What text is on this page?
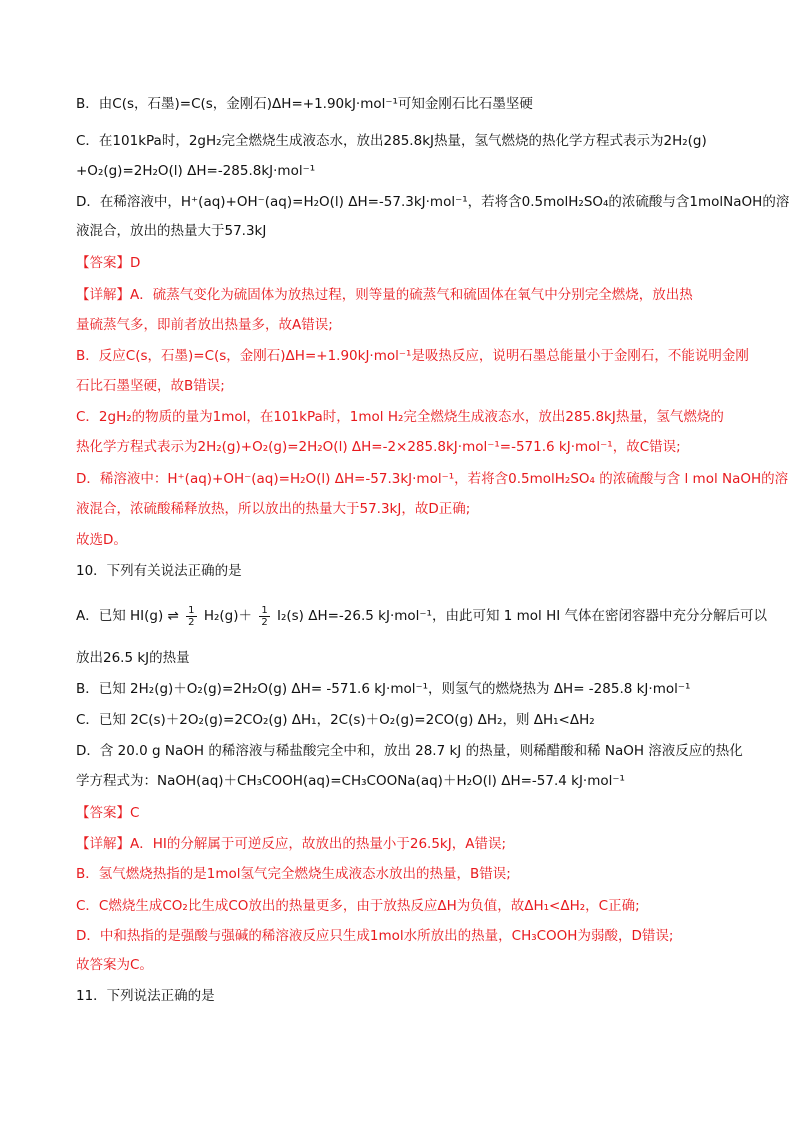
B．由C(s，石墨)=C(s，金刚石)ΔH=+1.90kJ·mol⁻¹可知金刚石比石墨坚硬
C．在101kPa时，2gH₂完全燃烧生成液态水，放出285.8kJ热量，氢气燃烧的热化学方程式表示为2H₂(g)
+O₂(g)=2H₂O(l) ΔH=-285.8kJ·mol⁻¹
D．在稀溶液中，H⁺(aq)+OH⁻(aq)=H₂O(l) ΔH=-57.3kJ·mol⁻¹，若将含0.5molH₂SO₄的浓硫酸与含1molNaOH的溶
液混合，放出的热量大于57.3kJ
【答案】D
【详解】A．硫蒸气变化为硫固体为放热过程，则等量的硫蒸气和硫固体在氧气中分别完全燃烧，放出热
量硫蒸气多，即前者放出热量多，故A错误;
B．反应C(s，石墨)=C(s，金刚石)ΔH=+1.90kJ·mol⁻¹是吸热反应，说明石墨总能量小于金刚石，不能说明金刚
石比石墨坚硬，故B错误;
C．2gH₂的物质的量为1mol，在101kPa时，1mol H₂完全燃烧生成液态水，放出285.8kJ热量，氢气燃烧的
热化学方程式表示为2H₂(g)+O₂(g)=2H₂O(l) ΔH=-2×285.8kJ·mol⁻¹=-571.6 kJ·mol⁻¹，故C错误;
D．稀溶液中：H⁺(aq)+OH⁻(aq)=H₂O(l) ΔH=-57.3kJ·mol⁻¹，若将含0.5molH₂SO₄ 的浓硫酸与含 l mol NaOH的溶
液混合，浓硫酸稀释放热，所以放出的热量大于57.3kJ，故D正确;
故选D。
10．下列有关说法正确的是
A．已知 HI(g) ⇌ $\frac{1}{2} H_2(g)+ \frac{1}{2} I_2(s)$ ΔH=-26.5 kJ·mol⁻¹，由此可知 1 mol HI 气体在密闭容器中充分分解后可以
放出26.5 kJ的热量
B．已知 2H₂(g)＋O₂(g)=2H₂O(g) ΔH= -571.6 kJ·mol⁻¹，则氢气的燃烧热为 ΔH= -285.8 kJ·mol⁻¹
C．已知 2C(s)＋2O₂(g)=2CO₂(g) ΔH₁，2C(s)＋O₂(g)=2CO(g) ΔH₂，则 ΔH₁<ΔH₂
D．含 20.0 g NaOH 的稀溶液与稀盐酸完全中和，放出 28.7 kJ 的热量，则稀醋酸和稀 NaOH 溶液反应的热化
学方程式为：NaOH(aq)＋CH₃COOH(aq)=CH₃COONa(aq)＋H₂O(l) ΔH=-57.4 kJ·mol⁻¹
【答案】C
【详解】A．HI的分解属于可逆反应，故放出的热量小于26.5kJ，A错误;
B．氢气燃烧热指的是1mol氢气完全燃烧生成液态水放出的热量，B错误;
C．C燃烧生成CO₂比生成CO放出的热量更多，由于放热反应ΔH为负值，故ΔH₁<ΔH₂，C正确;
D．中和热指的是强酸与强碱的稀溶液反应只生成1mol水所放出的热量，CH₃COOH为弱酸，D错误;
故答案为C。
11．下列说法正确的是
